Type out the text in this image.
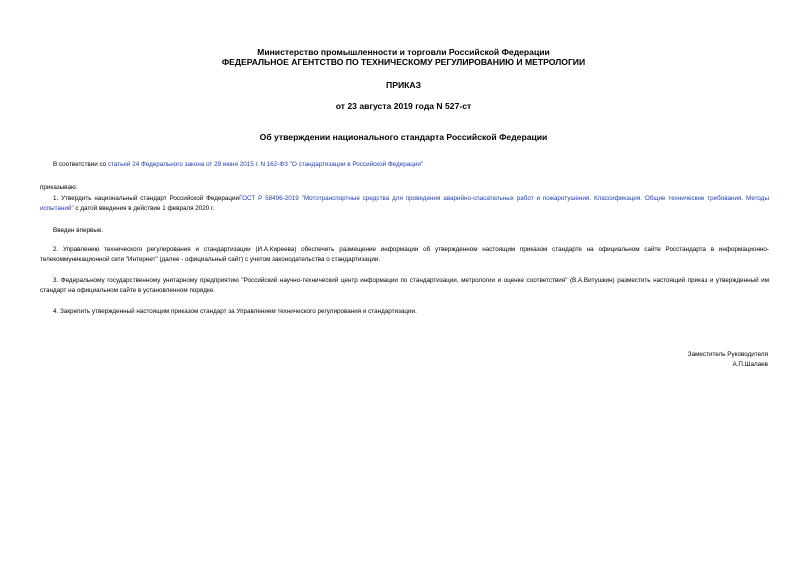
Министерство промышленности и торговли Российской Федерации
ФЕДЕРАЛЬНОЕ АГЕНТСТВО ПО ТЕХНИЧЕСКОМУ РЕГУЛИРОВАНИЮ И МЕТРОЛОГИИ
ПРИКАЗ
от 23 августа 2019 года N 527-ст
Об утверждении национального стандарта Российской Федерации
В соответствии со статьей 24 Федерального закона от 29 июня 2015 г. N 162-ФЗ "О стандартизации в Российской Федерации"
приказываю:
1. Утвердить национальный стандарт Российской ФедерацииГОСТ Р 58496-2019 "Мототранспортные средства для проведения аварийно-спасательных работ и пожаротушения. Классификация. Общие технические требования. Методы испытаний" с датой введения в действие 1 февраля 2020 г.
Введен впервые.
2. Управлению технического регулирования и стандартизации (И.А.Киреева) обеспечить размещение информации об утвержденном настоящим приказом стандарте на официальном сайте Росстандарта в информационно-телекоммуникационной сети "Интернет" (далее - официальный сайт) с учетом законодательства о стандартизации.
3. Федеральному государственному унитарному предприятию "Российский научно-технический центр информации по стандартизации, метрологии и оценке соответствия" (В.А.Витушкин) разместить настоящий приказ и утвержденный им стандарт на официальном сайте в установленном порядке.
4. Закрепить утвержденный настоящим приказом стандарт за Управлением технического регулирования и стандартизации.
Заместитель Руководителя
А.П.Шалаев
